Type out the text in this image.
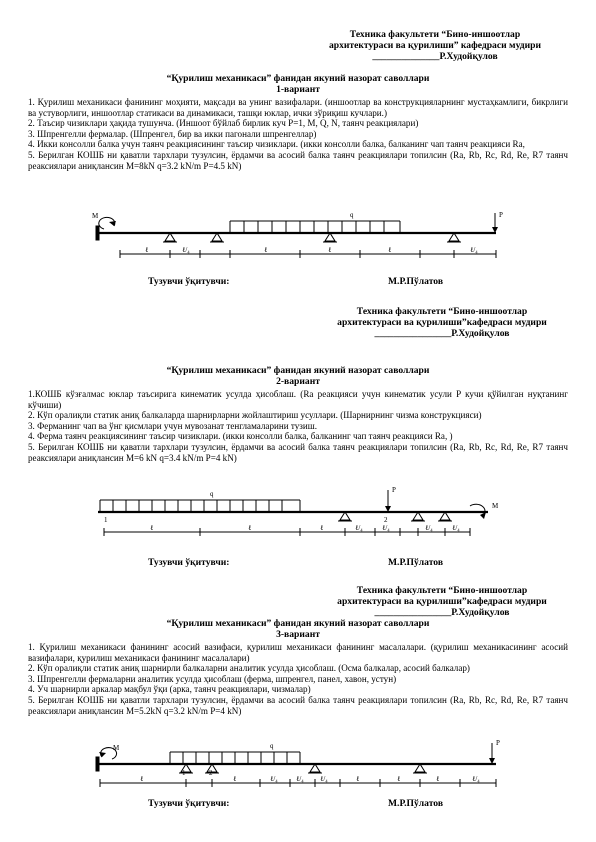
Техника факультети “Бино-иншоотлар
архитектураси ва қурилиши” кафедраси мудири
______________Р.Худойқулов
“Қурилиш механикаси” фанидан якуний назорат саволлари
1-вариант

1. Қурилиш механикаси фанининг моҳияти, мақсади ва унинг вазифалари. (иншоотлар ва конструкцияларнинг мустаҳкамлиги, бикрлиги ва устуворлиги, иншоотлар статикаси ва динамикаси, ташқи юклар, ички зўриқиш кучлари.)

2. Таъсир чизиклари ҳақида тушунча. (Иншоот бўйлаб бирлик куч P=1, M, Q, N, таянч реакциялари)

3. Шпренгелли фермалар. (Шпренгел, бир ва икки пагонали шпренгеллар)

4. Икки консолли балка учун таянч реакциясининг таъсир чизиклари. (икки консолли балка, балканинг чап таянч реакцияси Ra,

5. Берилган КОШБ ни қаватли тархлари тузулсин, ёрдамчи ва асосий балка таянч реакциялари топилсин (Ra, Rb, Rc, Rd, Re, R7 таянч реаксиялари аниқлансин M=8kN q=3.2 kN/m P=4.5 kN)

M	q	P
ℓ	ℓ/₄	ℓ	ℓ	ℓ	ℓ/₄
Тузувчи ўқитувчи:	М.Р.Пўлатов
Техника факультети “Бино-иншоотлар
архитектураси ва қурилиши”кафедраси мудири
________________Р.Худойқулов
“Қурилиш механикаси” фанидан якуний назорат саволлари
2-вариант

1.КОШБ кўзғалмас юклар таъсирига кинематик усулда ҳисоблаш. (Ra реакцияси учун кинематик усули P кучи қўйилган нуқтанинг кўчиши)

2. Кўп оралиқли статик аниқ балкаларда шарнирларни жойлаштириш усуллари. (Шарнирнинг чизма конструкцияси)

3. Ферманинг чап ва ўнг қисмлари учун мувозанат тенгламаларини тузиш.

4. Ферма таянч реакциясининг таъсир чизиклари. (икки консолли балка, балканинг чап таянч реакцияси Ra, )

5. Берилган КОШБ ни қаватли тархлари тузулсин, ёрдамчи ва асосий балка таянч реакциялари топилсин (Ra, Rb, Rc, Rd, Re, R7 таянч реаксиялари аниқлансин M=6 kN q=3.4 kN/m P=4 kN)

1	2
q	P
M
ℓ	ℓ	ℓ	ℓ/₄	ℓ/₄	ℓ/₄	ℓ/₄
Тузувчи ўқитувчи:	М.Р.Пўлатов
Техника факультети “Бино-иншоотлар
архитектураси ва қурилиши”кафедраси мудири
________________Р.Худойқулов
“Қурилиш механикаси” фанидан якуний назорат саволлари
3-вариант

1. Қурилиш механикаси фанининг асосий вазифаси, қурилиш механикаси фанининг масалалари. (қурилиш механикасининг асосий вазифалари, қурилиш механикаси фанининг масалалари)

2. Кўп оралиқли статик аниқ шарнирли балкаларни аналитик усулда ҳисоблаш. (Осма балкалар, асосий балкалар)

3. Шпренгелли фермаларни аналитик усулда ҳисоблаш (ферма, шпренгел, панел, хавон, устун)

4. Уч шарнирли аркалар мақбул ўқи (арка, таянч реакциялари, чизмалар)

5. Берилган КОШБ ни қаватли тархлари тузулсин, ёрдамчи ва асосий балка таянч реакциялари топилсин (Ra, Rb, Rc, Rd, Re, R7 таянч реаксиялари аниқлансин M=5.2kN q=3.2 kN/m P=4 kN)

M	q	P
1	2
ℓ	ℓ	ℓ/₄	ℓ/₄ ℓ/₄	ℓ	ℓ	ℓ	ℓ/₄
Тузувчи ўқитувчи:	М.Р.Пўлатов
